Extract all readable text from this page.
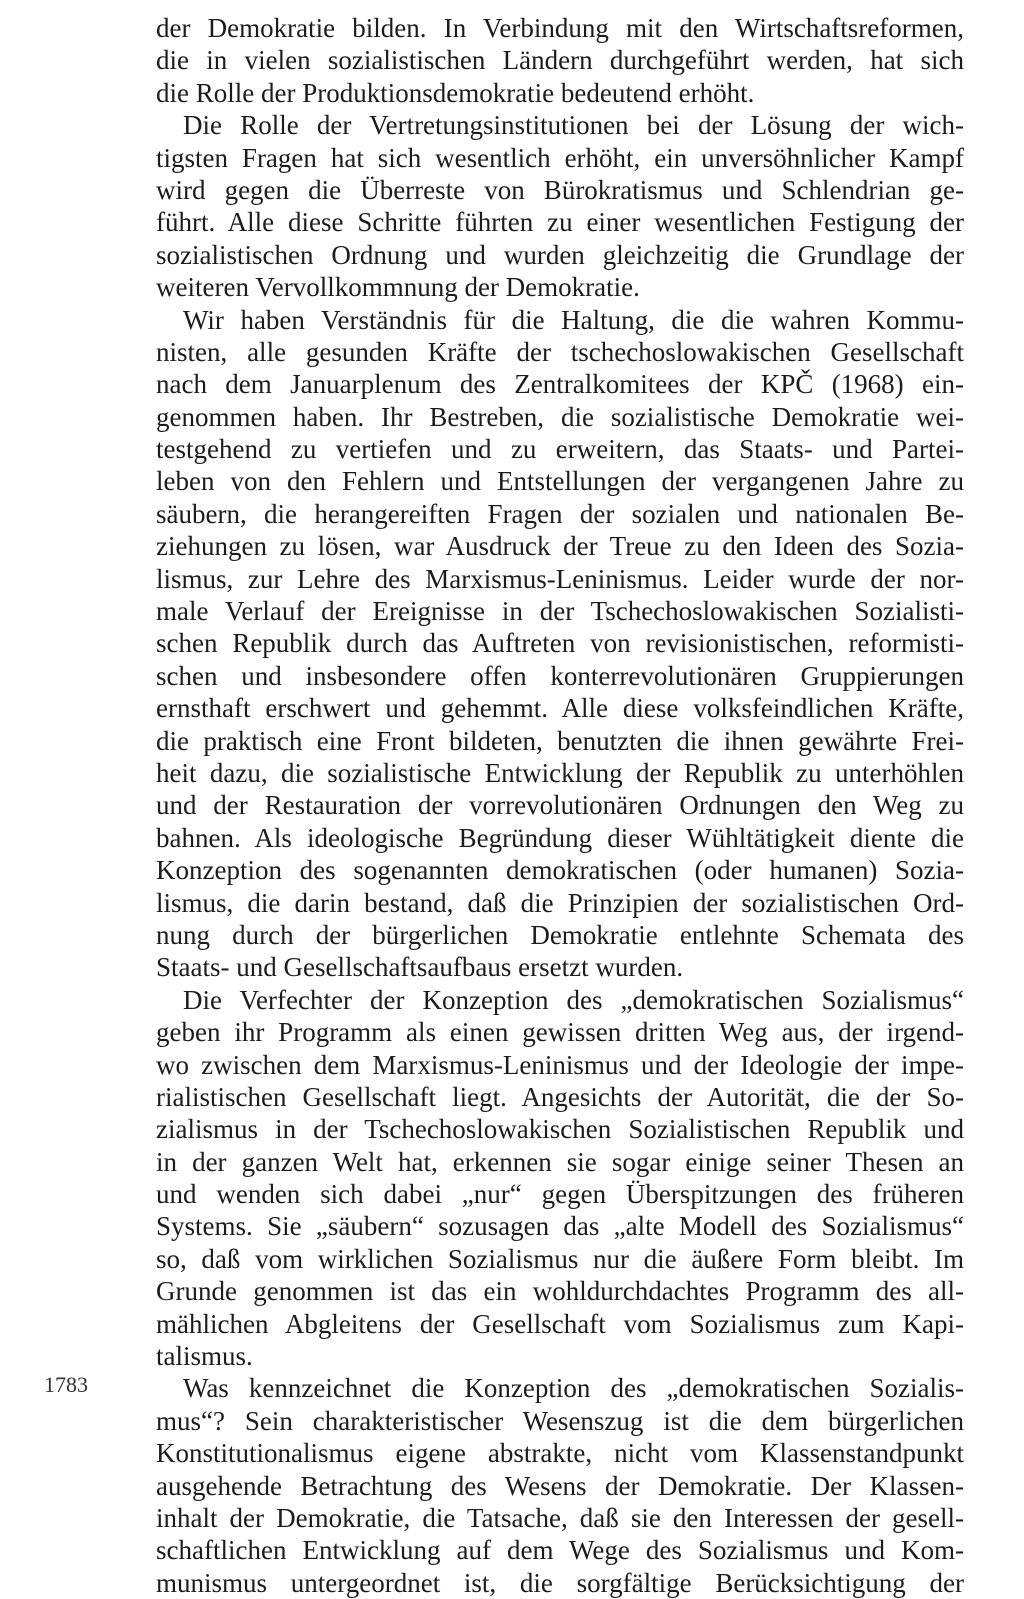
der Demokratie bilden. In Verbindung mit den Wirtschaftsreformen,
die in vielen sozialistischen Ländern durchgeführt werden, hat sich
die Rolle der Produktionsdemokratie bedeutend erhöht.
Die Rolle der Vertretungsinstitutionen bei der Lösung der wich-
tigsten Fragen hat sich wesentlich erhöht, ein unversöhnlicher Kampf
wird gegen die Überreste von Bürokratismus und Schlendrian ge-
führt. Alle diese Schritte führten zu einer wesentlichen Festigung der
sozialistischen Ordnung und wurden gleichzeitig die Grundlage der
weiteren Vervollkommnung der Demokratie.
Wir haben Verständnis für die Haltung, die die wahren Kommu-
nisten, alle gesunden Kräfte der tschechoslowakischen Gesellschaft
nach dem Januarplenum des Zentralkomitees der KPČ (1968) ein-
genommen haben. Ihr Bestreben, die sozialistische Demokratie wei-
testgehend zu vertiefen und zu erweitern, das Staats- und Partei-
leben von den Fehlern und Entstellungen der vergangenen Jahre zu
säubern, die herangereiften Fragen der sozialen und nationalen Be-
ziehungen zu lösen, war Ausdruck der Treue zu den Ideen des Sozia-
lismus, zur Lehre des Marxismus-Leninismus. Leider wurde der nor-
male Verlauf der Ereignisse in der Tschechoslowakischen Sozialisti-
schen Republik durch das Auftreten von revisionistischen, reformisti-
schen und insbesondere offen konterrevolutionären Gruppierungen
ernsthaft erschwert und gehemmt. Alle diese volksfeindlichen Kräfte,
die praktisch eine Front bildeten, benutzten die ihnen gewährte Frei-
heit dazu, die sozialistische Entwicklung der Republik zu unterhöhlen
und der Restauration der vorrevolutionären Ordnungen den Weg zu
bahnen. Als ideologische Begründung dieser Wühltätigkeit diente die
Konzeption des sogenannten demokratischen (oder humanen) Sozia-
lismus, die darin bestand, daß die Prinzipien der sozialistischen Ord-
nung durch der bürgerlichen Demokratie entlehnte Schemata des
Staats- und Gesellschaftsaufbaus ersetzt wurden.
Die Verfechter der Konzeption des „demokratischen Sozialismus“
geben ihr Programm als einen gewissen dritten Weg aus, der irgend-
wo zwischen dem Marxismus-Leninismus und der Ideologie der impe-
rialistischen Gesellschaft liegt. Angesichts der Autorität, die der So-
zialismus in der Tschechoslowakischen Sozialistischen Republik und
in der ganzen Welt hat, erkennen sie sogar einige seiner Thesen an
und wenden sich dabei „nur“ gegen Überspitzungen des früheren
Systems. Sie „säubern“ sozusagen das „alte Modell des Sozialismus“
so, daß vom wirklichen Sozialismus nur die äußere Form bleibt. Im
Grunde genommen ist das ein wohldurchdachtes Programm des all-
mählichen Abgleitens der Gesellschaft vom Sozialismus zum Kapi-
talismus.
Was kennzeichnet die Konzeption des „demokratischen Sozialis-
mus“? Sein charakteristischer Wesenszug ist die dem bürgerlichen
Konstitutionalismus eigene abstrakte, nicht vom Klassenstandpunkt
ausgehende Betrachtung des Wesens der Demokratie. Der Klassen-
inhalt der Demokratie, die Tatsache, daß sie den Interessen der gesell-
schaftlichen Entwicklung auf dem Wege des Sozialismus und Kom-
munismus untergeordnet ist, die sorgfältige Berücksichtigung der
1783
